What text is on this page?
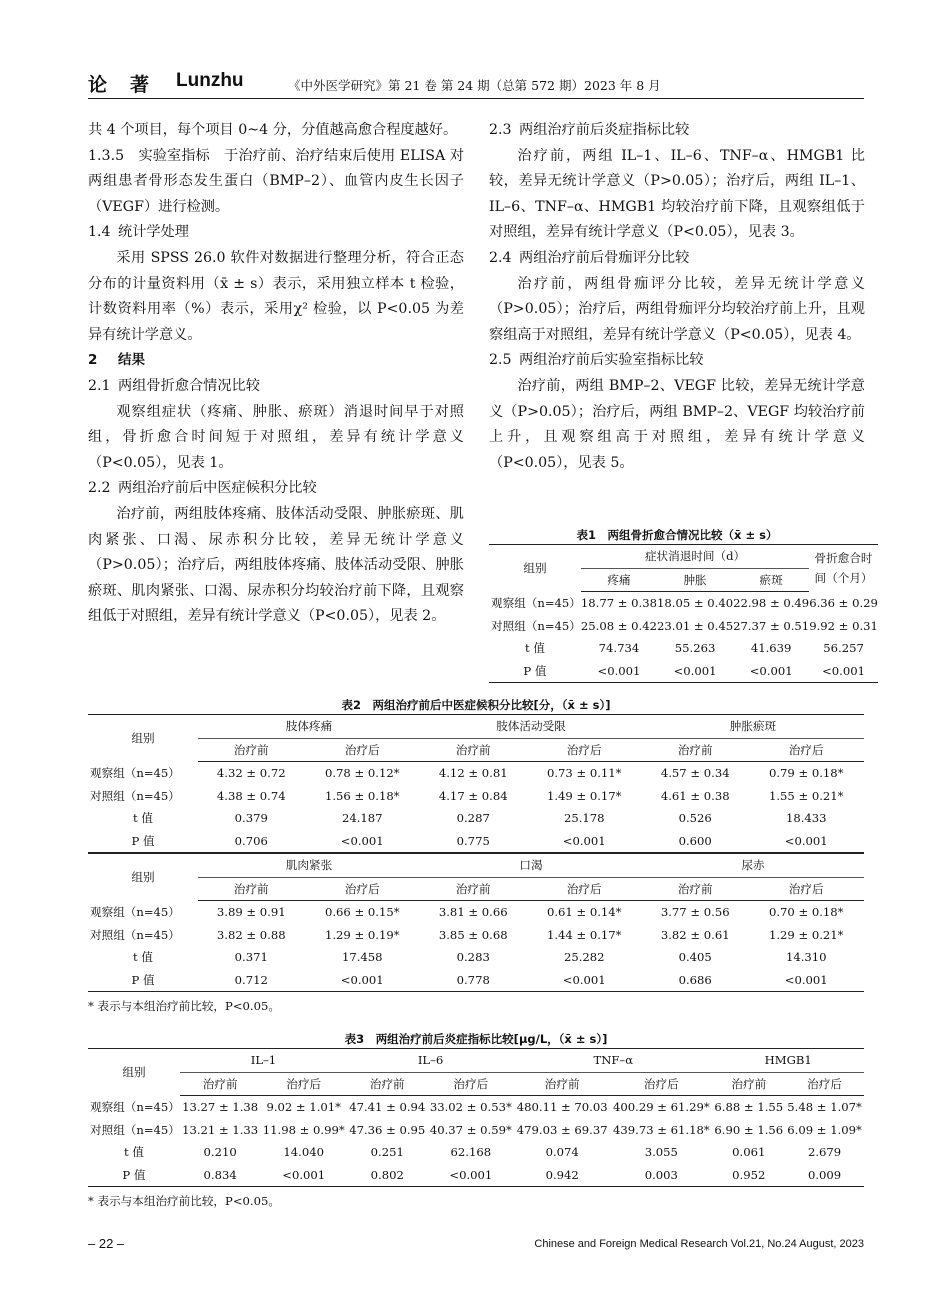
论　著 Lunzhu	《中外医学研究》第 21 卷 第 24 期（总第 572 期）2023 年 8 月

共 4 个项目，每个项目 0~4 分，分值越高愈合程度越好。

1.3.5　实验室指标　于治疗前、治疗结束后使用 ELISA 对两组患者骨形态发生蛋白（BMP–2）、血管内皮生长因子（VEGF）进行检测。

1.4 统计学处理

采用 SPSS 26.0 软件对数据进行整理分析，符合正态分布的计量资料用（x̄ ± s）表示，采用独立样本 t 检验，计数资料用率（%）表示，采用χ² 检验，以 P<0.05 为差异有统计学意义。

2 结果

2.1 两组骨折愈合情况比较

观察组症状（疼痛、肿胀、瘀斑）消退时间早于对照组，骨折愈合时间短于对照组，差异有统计学意义（P<0.05），见表 1。

2.2 两组治疗前后中医症候积分比较

治疗前，两组肢体疼痛、肢体活动受限、肿胀瘀斑、肌肉紧张、口渴、尿赤积分比较，差异无统计学意义（P>0.05）；治疗后，两组肢体疼痛、肢体活动受限、肿胀瘀斑、肌肉紧张、口渴、尿赤积分均较治疗前下降，且观察组低于对照组，差异有统计学意义（P<0.05），见表 2。

2.3 两组治疗前后炎症指标比较

治疗前，两组 IL–1、IL–6、TNF–α、HMGB1 比较，差异无统计学意义（P>0.05）；治疗后，两组 IL–1、IL–6、TNF–α、HMGB1 均较治疗前下降，且观察组低于对照组，差异有统计学意义（P<0.05），见表 3。

2.4 两组治疗前后骨痂评分比较

治疗前，两组骨痂评分比较，差异无统计学意义（P>0.05）；治疗后，两组骨痂评分均较治疗前上升，且观察组高于对照组，差异有统计学意义（P<0.05），见表 4。

2.5 两组治疗前后实验室指标比较

治疗前，两组 BMP–2、VEGF 比较，差异无统计学意义（P>0.05）；治疗后，两组 BMP–2、VEGF 均较治疗前上升，且观察组高于对照组，差异有统计学意义（P<0.05），见表 5。

表1　 两组骨折愈合情况比较（x̄ ± s）
组别	症状消退时间（d）			骨折愈合时间（个月）
	疼痛	肿胀	瘀斑	
观察组（n=45）	18.77 ± 0.38	18.05 ± 0.40	22.98 ± 0.49	6.36 ± 0.29
对照组（n=45）	25.08 ± 0.42	23.01 ± 0.45	27.37 ± 0.51	9.92 ± 0.31
t 值	74.734	55.263	41.639	56.257
P 值	<0.001	<0.001	<0.001	<0.001
表2　 两组治疗前后中医症候积分比较[分，（x̄ ± s）]
组别	肢体疼痛		肢体活动受限		肿胀瘀斑	
	治疗前	治疗后	治疗前	治疗后	治疗前	治疗后
观察组（n=45）	4.32 ± 0.72	0.78 ± 0.12*	4.12 ± 0.81	0.73 ± 0.11*	4.57 ± 0.34	0.79 ± 0.18*
对照组（n=45）	4.38 ± 0.74	1.56 ± 0.18*	4.17 ± 0.84	1.49 ± 0.17*	4.61 ± 0.38	1.55 ± 0.21*
t 值	0.379	24.187	0.287	25.178	0.526	18.433
P 值	0.706	<0.001	0.775	<0.001	0.600	<0.001
组别	肌肉紧张		口渴		尿赤	
	治疗前	治疗后	治疗前	治疗后	治疗前	治疗后
观察组（n=45）	3.89 ± 0.91	0.66 ± 0.15*	3.81 ± 0.66	0.61 ± 0.14*	3.77 ± 0.56	0.70 ± 0.18*
对照组（n=45）	3.82 ± 0.88	1.29 ± 0.19*	3.85 ± 0.68	1.44 ± 0.17*	3.82 ± 0.61	1.29 ± 0.21*
t 值	0.371	17.458	0.283	25.282	0.405	14.310
P 值	0.712	<0.001	0.778	<0.001	0.686	<0.001
* 表示与本组治疗前比较，P<0.05。
表3　 两组治疗前后炎症指标比较[μg/L，（x̄ ± s）]
组别	IL–1		IL–6		TNF–α		HMGB1	
	治疗前	治疗后	治疗前	治疗后	治疗前	治疗后	治疗前	治疗后
观察组（n=45）	13.27 ± 1.38	9.02 ± 1.01*	47.41 ± 0.94	33.02 ± 0.53*	480.11 ± 70.03	400.29 ± 61.29*	6.88 ± 1.55	5.48 ± 1.07*
对照组（n=45）	13.21 ± 1.33	11.98 ± 0.99*	47.36 ± 0.95	40.37 ± 0.59*	479.03 ± 69.37	439.73 ± 61.18*	6.90 ± 1.56	6.09 ± 1.09*
t 值	0.210	14.040	0.251	62.168	0.074	3.055	0.061	2.679
P 值	0.834	<0.001	0.802	<0.001	0.942	0.003	0.952	0.009
* 表示与本组治疗前比较，P<0.05。
– 22 –	Chinese and Foreign Medical Research Vol.21, No.24 August, 2023
